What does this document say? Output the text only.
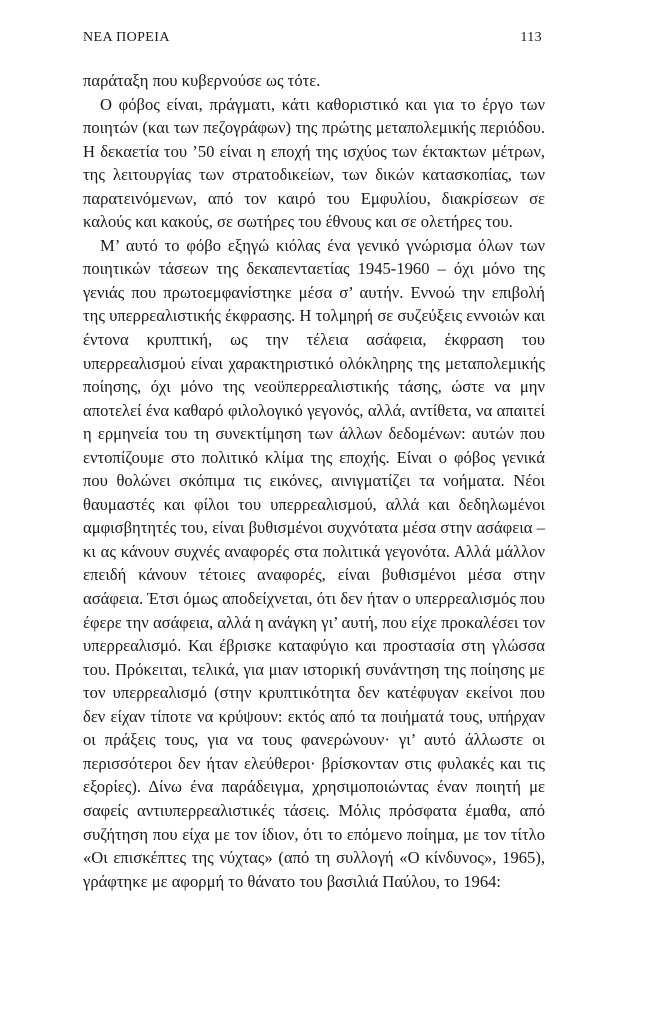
ΝΕΑ ΠΟΡΕΙΑ	113

παράταξη που κυβερνούσε ως τότε.

Ο φόβος είναι, πράγματι, κάτι καθοριστικό και για το έργο των ποιητών (και των πεζογράφων) της πρώτης μεταπολεμικής περιόδου. Η δεκαετία του ’50 είναι η εποχή της ισχύος των έκτακτων μέτρων, της λειτουργίας των στρατοδικείων, των δικών κατασκοπίας, των παρατεινόμενων, από τον καιρό του Εμφυλίου, διακρίσεων σε καλούς και κακούς, σε σωτήρες του έθνους και σε ολετήρες του.

Μ’ αυτό το φόβο εξηγώ κιόλας ένα γενικό γνώρισμα όλων των ποιητικών τάσεων της δεκαπενταετίας 1945-1960 – όχι μόνο της γενιάς που πρωτοεμφανίστηκε μέσα σ’ αυτήν. Εννοώ την επιβολή της υπερρεαλιστικής έκφρασης. Η τολμηρή σε συζεύξεις εννοιών και έντονα κρυπτική, ως την τέλεια ασάφεια, έκφραση του υπερρεαλισμού είναι χαρακτηριστικό ολόκληρης της μεταπολεμικής ποίησης, όχι μόνο της νεοϋπερρεαλιστικής τάσης, ώστε να μην αποτελεί ένα καθαρό φιλολογικό γεγονός, αλλά, αντίθετα, να απαιτεί η ερμηνεία του τη συνεκτίμηση των άλλων δεδομένων: αυτών που εντοπίζουμε στο πολιτικό κλίμα της εποχής. Είναι ο φόβος γενικά που θολώνει σκόπιμα τις εικόνες, αινιγματίζει τα νοήματα. Νέοι θαυμαστές και φίλοι του υπερρεαλισμού, αλλά και δεδηλωμένοι αμφισβητητές του, είναι βυθισμένοι συχνότατα μέσα στην ασάφεια – κι ας κάνουν συχνές αναφορές στα πολιτικά γεγονότα. Αλλά μάλλον επειδή κάνουν τέτοιες αναφορές, είναι βυθισμένοι μέσα στην ασάφεια. Έτσι όμως αποδείχνεται, ότι δεν ήταν ο υπερρεαλισμός που έφερε την ασάφεια, αλλά η ανάγκη γι’ αυτή, που είχε προκαλέσει τον υπερρεαλισμό. Και έβρισκε καταφύγιο και προστασία στη γλώσσα του. Πρόκειται, τελικά, για μιαν ιστορική συνάντηση της ποίησης με τον υπερρεαλισμό (στην κρυπτικότητα δεν κατέφυγαν εκείνοι που δεν είχαν τίποτε να κρύψουν: εκτός από τα ποιήματά τους, υπήρχαν οι πράξεις τους, για να τους φανερώνουν· γι’ αυτό άλλωστε οι περισσότεροι δεν ήταν ελεύθεροι· βρίσκονταν στις φυλακές και τις εξορίες). Δίνω ένα παράδειγμα, χρησιμοποιώντας έναν ποιητή με σαφείς αντιυπερρεαλιστικές τάσεις. Μόλις πρόσφατα έμαθα, από συζήτηση που είχα με τον ίδιον, ότι το επόμενο ποίημα, με τον τίτλο «Οι επισκέπτες της νύχτας» (από τη συλλογή «Ο κίνδυνος», 1965), γράφτηκε με αφορμή το θάνατο του βασιλιά Παύλου, το 1964:
